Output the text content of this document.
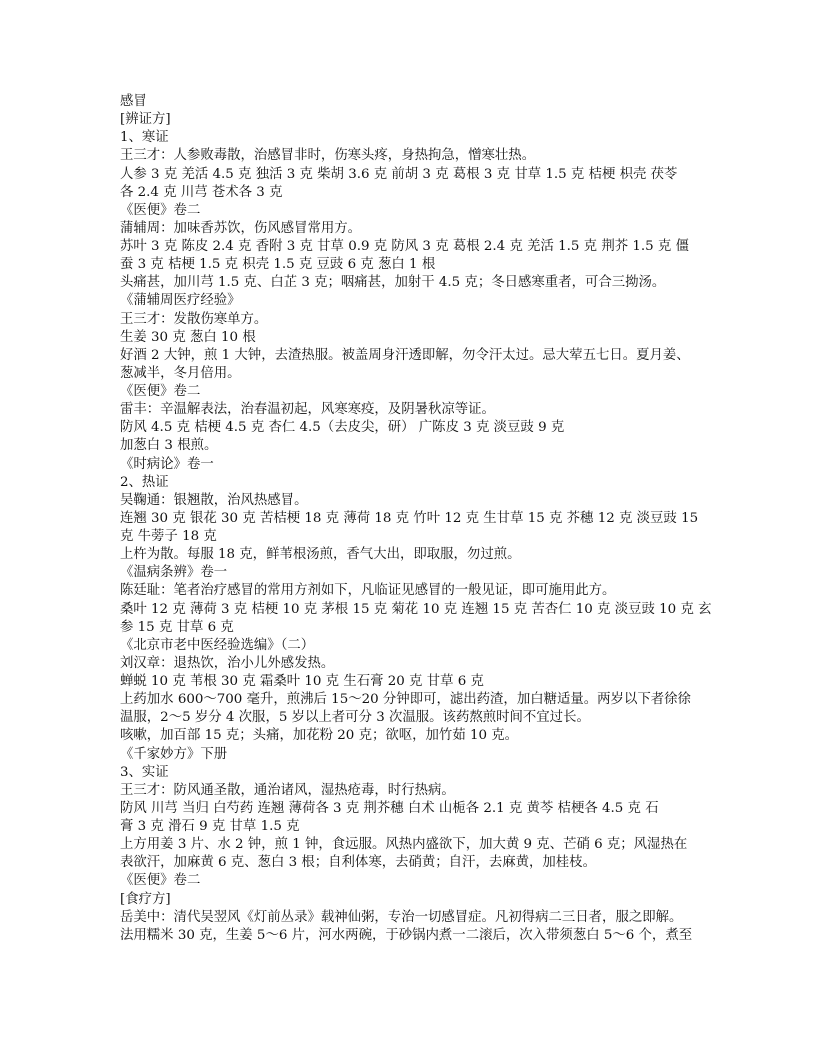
感冒
[辨证方]
1、寒证
王三才：人参败毒散，治感冒非时，伤寒头疼，身热拘急，憎寒壮热。
人参 3 克 羌活 4.5 克 独活 3 克 柴胡 3.6 克 前胡 3 克 葛根 3 克 甘草 1.5 克 桔梗 枳壳 茯苓
各 2.4 克 川芎 苍术各 3 克
《医便》卷二
蒲辅周：加味香苏饮，伤风感冒常用方。
苏叶 3 克 陈皮 2.4 克 香附 3 克 甘草 0.9 克 防风 3 克 葛根 2.4 克 羌活 1.5 克 荆芥 1.5 克 僵
蚕 3 克 桔梗 1.5 克 枳壳 1.5 克 豆豉 6 克 葱白 1 根
头痛甚，加川芎 1.5 克、白芷 3 克；咽痛甚，加射干 4.5 克；冬日感寒重者，可合三拗汤。
《蒲辅周医疗经验》
王三才：发散伤寒单方。
生姜 30 克 葱白 10 根
好酒 2 大钟，煎 1 大钟，去渣热服。被盖周身汗透即解，勿令汗太过。忌大荤五七日。夏月姜、
葱减半，冬月倍用。
《医便》卷二
雷丰：辛温解表法，治春温初起，风寒寒疫，及阴暑秋凉等证。
防风 4.5 克 桔梗 4.5 克 杏仁 4.5（去皮尖，研） 广陈皮 3 克 淡豆豉 9 克
加葱白 3 根煎。
《时病论》卷一
2、热证
吴鞠通：银翘散，治风热感冒。
连翘 30 克 银花 30 克 苦桔梗 18 克 薄荷 18 克 竹叶 12 克 生甘草 15 克 芥穗 12 克 淡豆豉 15
克 牛蒡子 18 克
上杵为散。每服 18 克，鲜苇根汤煎，香气大出，即取服，勿过煎。
《温病条辨》卷一
陈廷耻：笔者治疗感冒的常用方剂如下，凡临证见感冒的一般见证，即可施用此方。
桑叶 12 克 薄荷 3 克 桔梗 10 克 茅根 15 克 菊花 10 克 连翘 15 克 苦杏仁 10 克 淡豆豉 10 克 玄
参 15 克 甘草 6 克
《北京市老中医经验选编》（二）
刘汉章：退热饮，治小儿外感发热。
蝉蜕 10 克 苇根 30 克 霜桑叶 10 克 生石膏 20 克 甘草 6 克
上药加水 600～700 毫升，煎沸后 15～20 分钟即可，滤出药渣，加白糖适量。两岁以下者徐徐
温服，2～5 岁分 4 次服，5 岁以上者可分 3 次温服。该药熬煎时间不宜过长。
咳嗽，加百部 15 克；头痛，加花粉 20 克；欲呕，加竹茹 10 克。
《千家妙方》下册
3、实证
王三才：防风通圣散，通治诸风，湿热疮毒，时行热病。
防风 川芎 当归 白芍药 连翘 薄荷各 3 克 荆芥穗 白术 山栀各 2.1 克 黄芩 桔梗各 4.5 克 石
膏 3 克 滑石 9 克 甘草 1.5 克
上方用姜 3 片、水 2 钟，煎 1 钟，食远服。风热内盛欲下，加大黄 9 克、芒硝 6 克；风湿热在
表欲汗，加麻黄 6 克、葱白 3 根；自利体寒，去硝黄；自汗，去麻黄，加桂枝。
《医便》卷二
[食疗方]
岳美中：清代吴翌风《灯前丛录》载神仙粥，专治一切感冒症。凡初得病二三日者，服之即解。
法用糯米 30 克，生姜 5～6 片，河水两碗，于砂锅内煮一二滚后，次入带须葱白 5～6 个，煮至
